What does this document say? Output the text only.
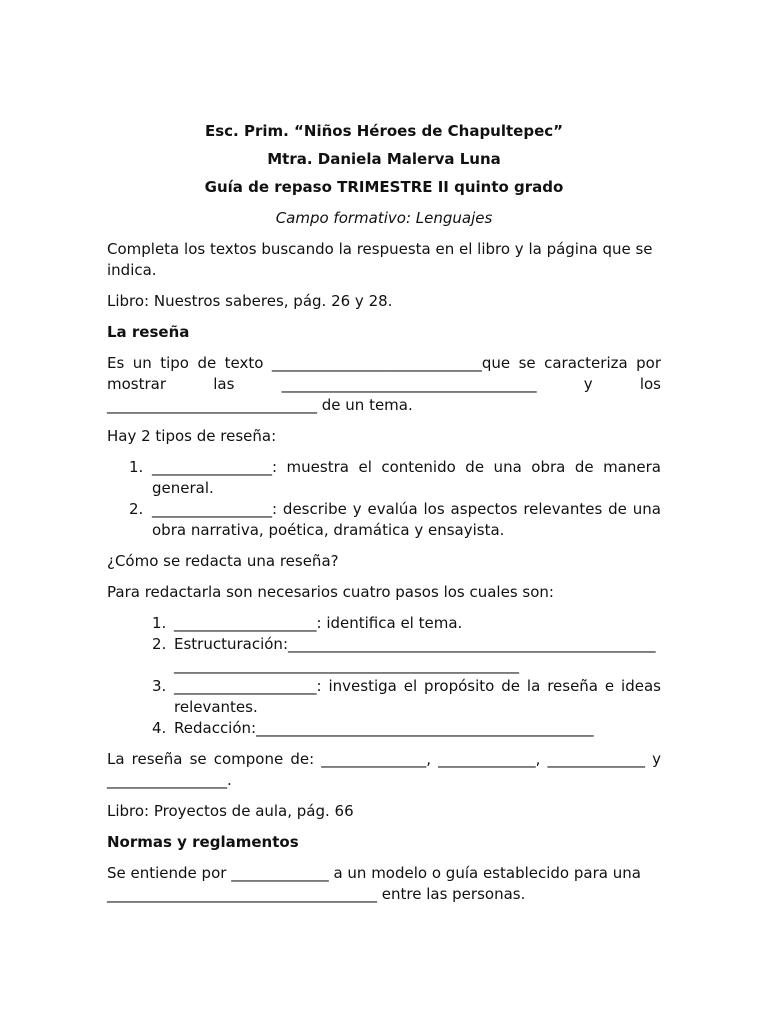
Esc. Prim. “Niños Héroes de Chapultepec”

Mtra. Daniela Malerva Luna

Guía de repaso TRIMESTRE II quinto grado

Campo formativo: Lenguajes

Completa los textos buscando la respuesta en el libro y la página que se indica.

Libro: Nuestros saberes, pág. 26 y 28.

La reseña

Es un tipo de texto ____________________________que se caracteriza por mostrar las __________________________________ y los ____________________________ de un tema.

Hay 2 tipos de reseña:

1. ________________: muestra el contenido de una obra de manera general.
2. ________________: describe y evalúa los aspectos relevantes de una obra narrativa, poética, dramática y ensayista.

¿Cómo se redacta una reseña?

Para redactarla son necesarios cuatro pasos los cuales son:

1. ___________________: identifica el tema.
2. Estructuración:_______________________________________________________________________________________________
3. ___________________: investiga el propósito de la reseña e ideas relevantes.
4. Redacción:_____________________________________________

La reseña se compone de: ______________, _____________, _____________ y ________________.

Libro: Proyectos de aula, pág. 66

Normas y reglamentos

Se entiende por _____________ a un modelo o guía establecido para una ____________________________________ entre las personas.
